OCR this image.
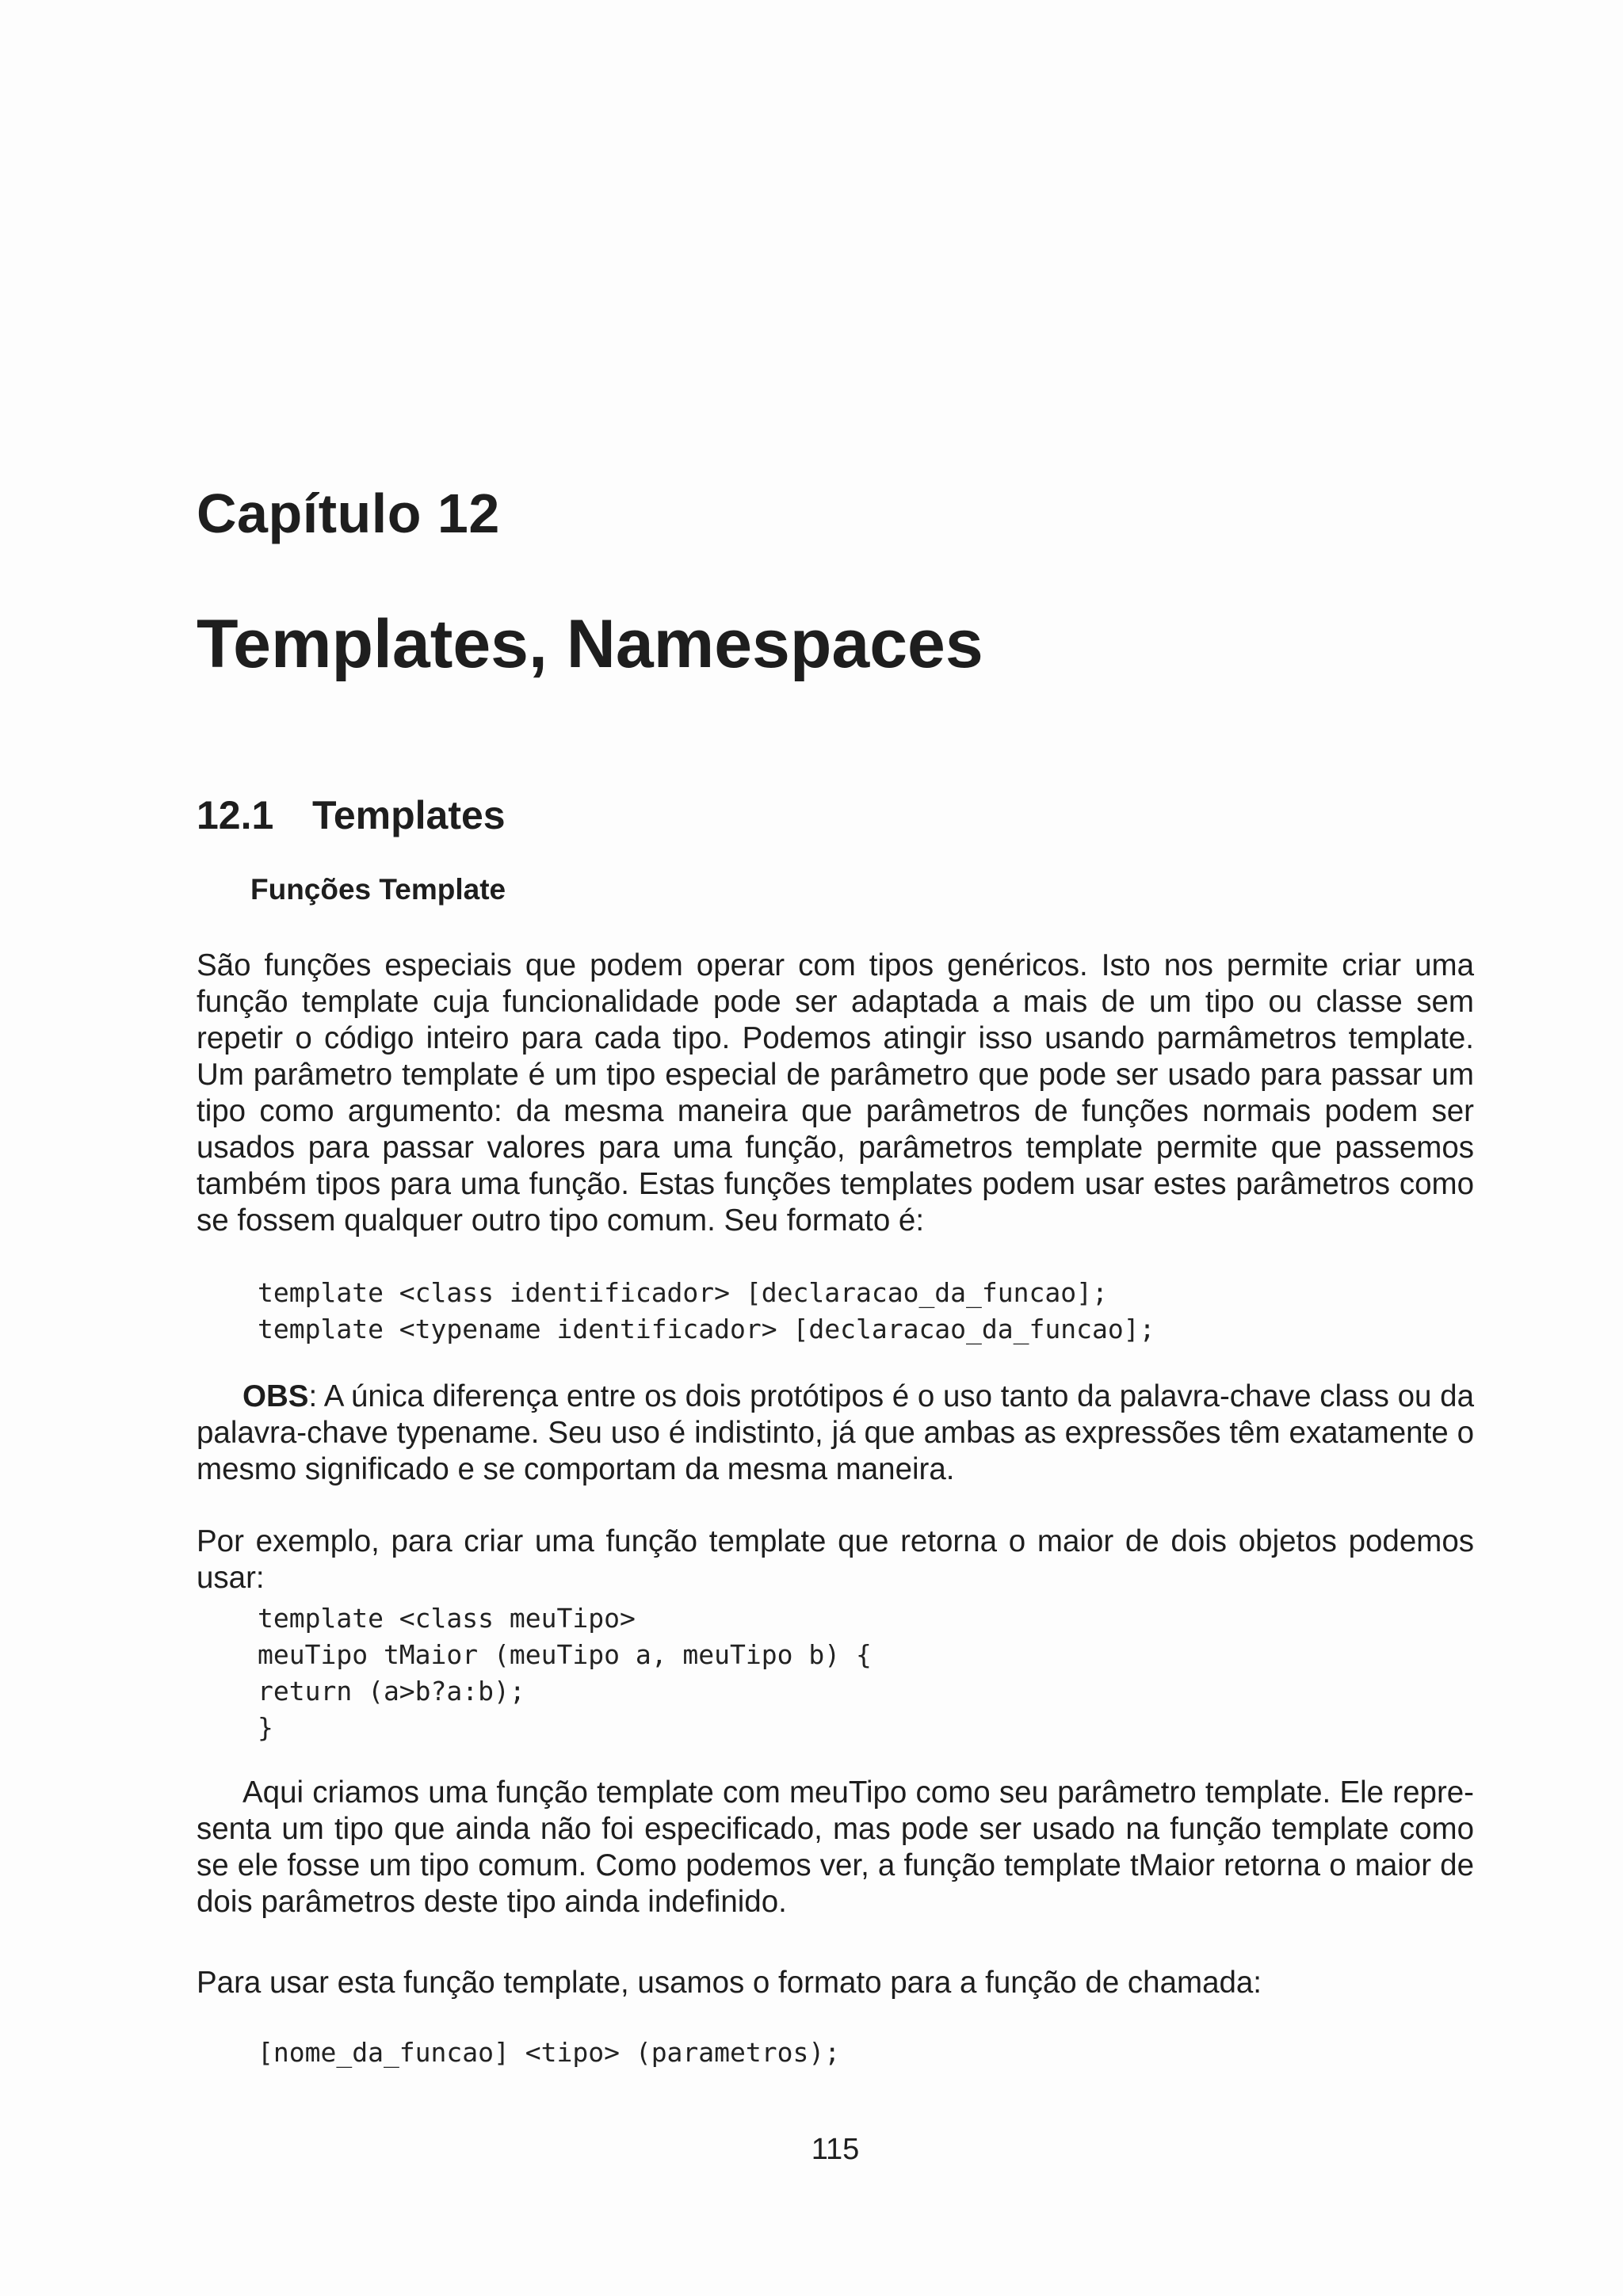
Capítulo 12
Templates, Namespaces
12.1 Templates
Funções Template

São funções especiais que podem operar com tipos genéricos. Isto nos permite criar uma função template cuja funcionalidade pode ser adaptada a mais de um tipo ou classe sem repetir o código inteiro para cada tipo. Podemos atingir isso usando parmâmetros template. Um parâmetro template é um tipo especial de parâmetro que pode ser usado para passar um tipo como argumento: da mesma maneira que parâmetros de funções normais podem ser usados para passar valores para uma função, parâmetros template permite que passemos também tipos para uma função. Estas funções templates podem usar estes parâmetros como se fossem qualquer outro tipo comum. Seu formato é:

template <class identificador> [declaracao_da_funcao];
template <typename identificador> [declaracao_da_funcao];

OBS: A única diferença entre os dois protótipos é o uso tanto da palavra-chave class ou da palavra-chave typename. Seu uso é indistinto, já que ambas as expressões têm exatamente o mesmo significado e se comportam da mesma maneira.

Por exemplo, para criar uma função template que retorna o maior de dois objetos podemos usar:

template <class meuTipo>
meuTipo tMaior (meuTipo a, meuTipo b) {
return (a>b?a:b);
}

Aqui criamos uma função template com meuTipo como seu parâmetro template. Ele representa um tipo que ainda não foi especificado, mas pode ser usado na função template como se ele fosse um tipo comum. Como podemos ver, a função template tMaior retorna o maior de dois parâmetros deste tipo ainda indefinido.

Para usar esta função template, usamos o formato para a função de chamada:

[nome_da_funcao] <tipo> (parametros);

115
